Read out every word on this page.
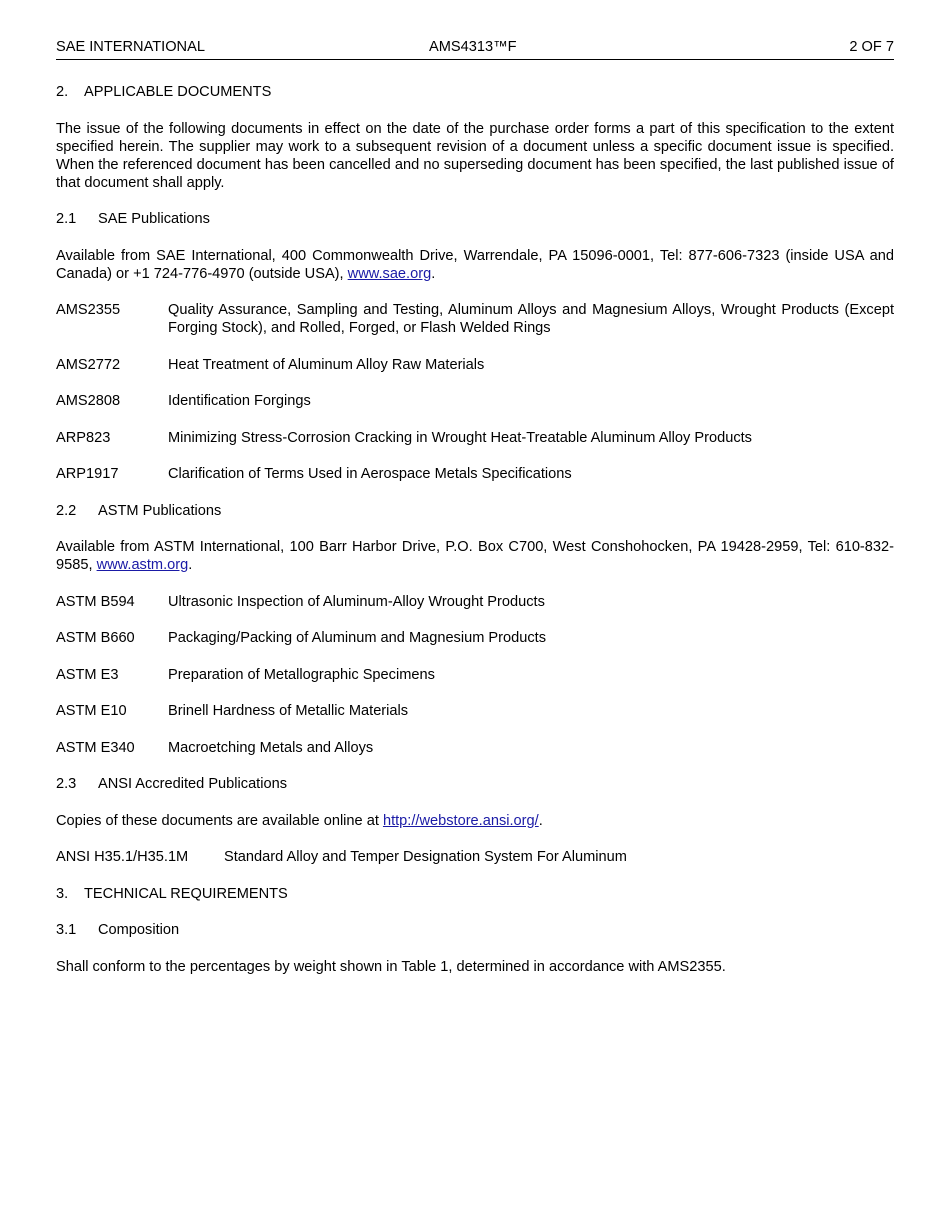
SAE INTERNATIONAL	AMS4313™F	2 OF 7
2.	APPLICABLE DOCUMENTS

The issue of the following documents in effect on the date of the purchase order forms a part of this specification to the extent specified herein. The supplier may work to a subsequent revision of a document unless a specific document issue is specified. When the referenced document has been cancelled and no superseding document has been specified, the last published issue of that document shall apply.

2.1	SAE Publications

Available from SAE International, 400 Commonwealth Drive, Warrendale, PA 15096-0001, Tel: 877-606-7323 (inside USA and Canada) or +1 724-776-4970 (outside USA), www.sae.org.

AMS2355	Quality Assurance, Sampling and Testing, Aluminum Alloys and Magnesium Alloys, Wrought Products (Except Forging Stock), and Rolled, Forged, or Flash Welded Rings
AMS2772	Heat Treatment of Aluminum Alloy Raw Materials
AMS2808	Identification Forgings
ARP823	Minimizing Stress-Corrosion Cracking in Wrought Heat-Treatable Aluminum Alloy Products
ARP1917	Clarification of Terms Used in Aerospace Metals Specifications
2.2	ASTM Publications

Available from ASTM International, 100 Barr Harbor Drive, P.O. Box C700, West Conshohocken, PA 19428-2959, Tel: 610-832-9585, www.astm.org.

ASTM B594	Ultrasonic Inspection of Aluminum-Alloy Wrought Products
ASTM B660	Packaging/Packing of Aluminum and Magnesium Products
ASTM E3	Preparation of Metallographic Specimens
ASTM E10	Brinell Hardness of Metallic Materials
ASTM E340	Macroetching Metals and Alloys
2.3	ANSI Accredited Publications

Copies of these documents are available online at http://webstore.ansi.org/.

ANSI H35.1/H35.1M	Standard Alloy and Temper Designation System For Aluminum
3.	TECHNICAL REQUIREMENTS
3.1	Composition

Shall conform to the percentages by weight shown in Table 1, determined in accordance with AMS2355.
